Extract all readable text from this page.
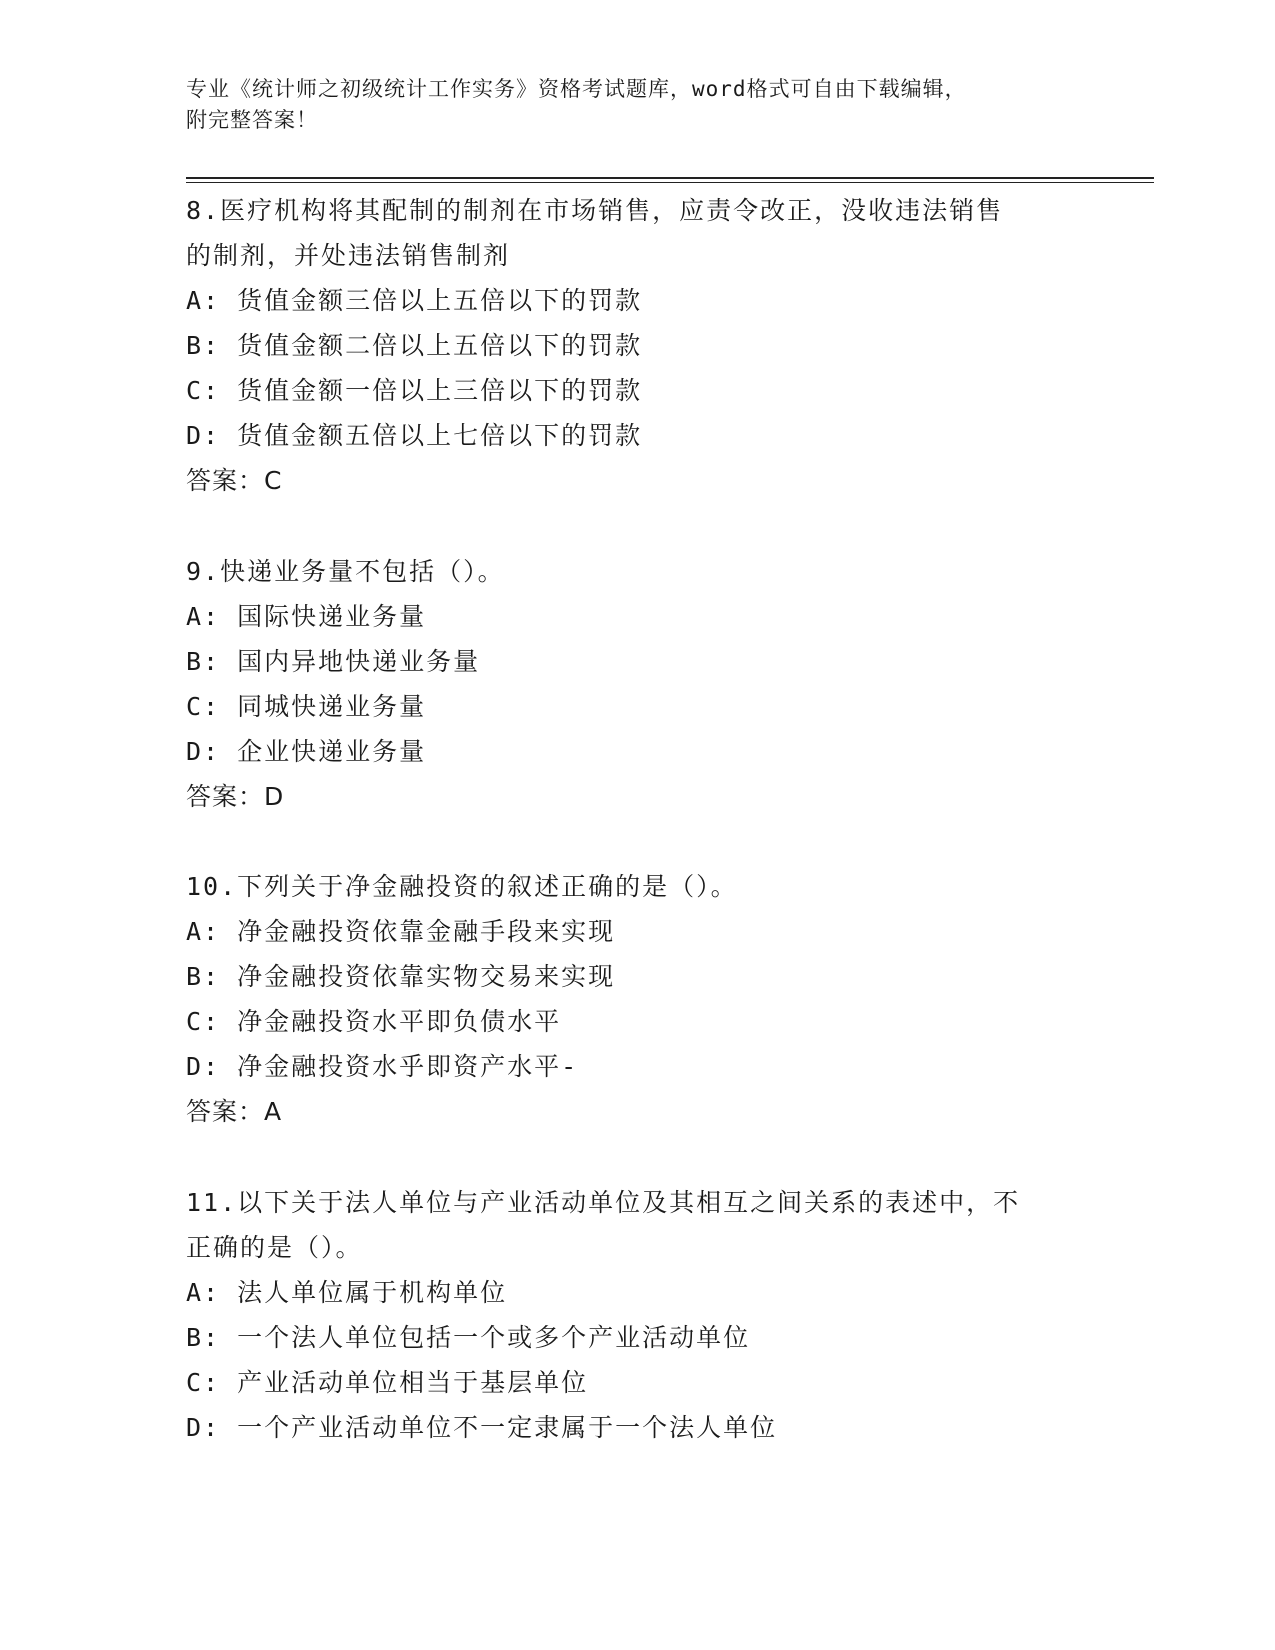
专业《统计师之初级统计工作实务》资格考试题库，word格式可自由下载编辑，
附完整答案！
8.医疗机构将其配制的制剂在市场销售，应责令改正，没收违法销售
的制剂，并处违法销售制剂
A: 货值金额三倍以上五倍以下的罚款
B: 货值金额二倍以上五倍以下的罚款
C: 货值金额一倍以上三倍以下的罚款
D: 货值金额五倍以上七倍以下的罚款
答案：C
9.快递业务量不包括（）。
A: 国际快递业务量
B: 国内异地快递业务量
C: 同城快递业务量
D: 企业快递业务量
答案：D
10.下列关于净金融投资的叙述正确的是（）。
A: 净金融投资依靠金融手段来实现
B: 净金融投资依靠实物交易来实现
C: 净金融投资水平即负债水平
D: 净金融投资水乎即资产水平-
答案：A
11.以下关于法人单位与产业活动单位及其相互之间关系的表述中，不
正确的是（）。
A: 法人单位属于机构单位
B: 一个法人单位包括一个或多个产业活动单位
C: 产业活动单位相当于基层单位
D: 一个产业活动单位不一定隶属于一个法人单位
